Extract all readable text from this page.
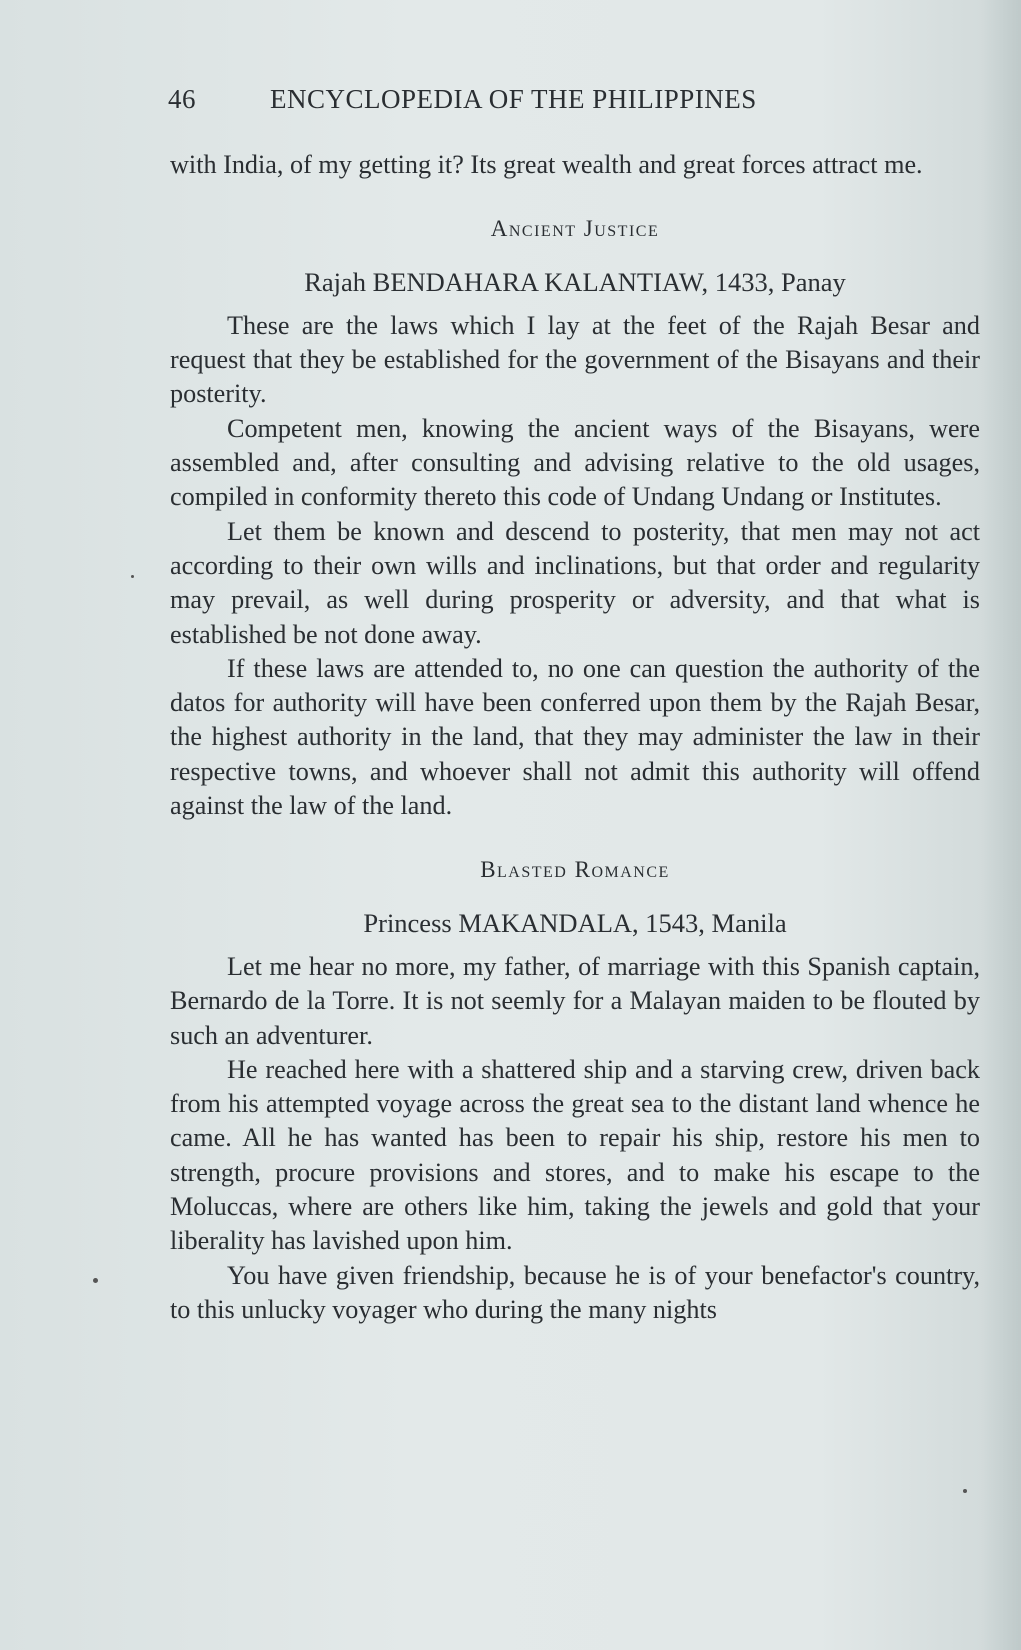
46	ENCYCLOPEDIA OF THE PHILIPPINES

with India, of my getting it? Its great wealth and great forces attract me.

Ancient Justice

Rajah BENDAHARA KALANTIAW, 1433, Panay

These are the laws which I lay at the feet of the Rajah Besar and request that they be established for the government of the Bisayans and their posterity.

Competent men, knowing the ancient ways of the Bisayans, were assembled and, after consulting and advising relative to the old usages, compiled in conformity thereto this code of Undang Undang or Institutes.

Let them be known and descend to posterity, that men may not act according to their own wills and inclinations, but that order and regularity may prevail, as well during prosperity or adversity, and that what is established be not done away.

If these laws are attended to, no one can question the authority of the datos for authority will have been conferred upon them by the Rajah Besar, the highest authority in the land, that they may administer the law in their respective towns, and whoever shall not admit this authority will offend against the law of the land.

Blasted Romance

Princess MAKANDALA, 1543, Manila

Let me hear no more, my father, of marriage with this Spanish captain, Bernardo de la Torre. It is not seemly for a Malayan maiden to be flouted by such an adventurer.

He reached here with a shattered ship and a starving crew, driven back from his attempted voyage across the great sea to the distant land whence he came. All he has wanted has been to repair his ship, restore his men to strength, procure provisions and stores, and to make his escape to the Moluccas, where are others like him, taking the jewels and gold that your liberality has lavished upon him.

You have given friendship, because he is of your benefactor's country, to this unlucky voyager who during the many nights
